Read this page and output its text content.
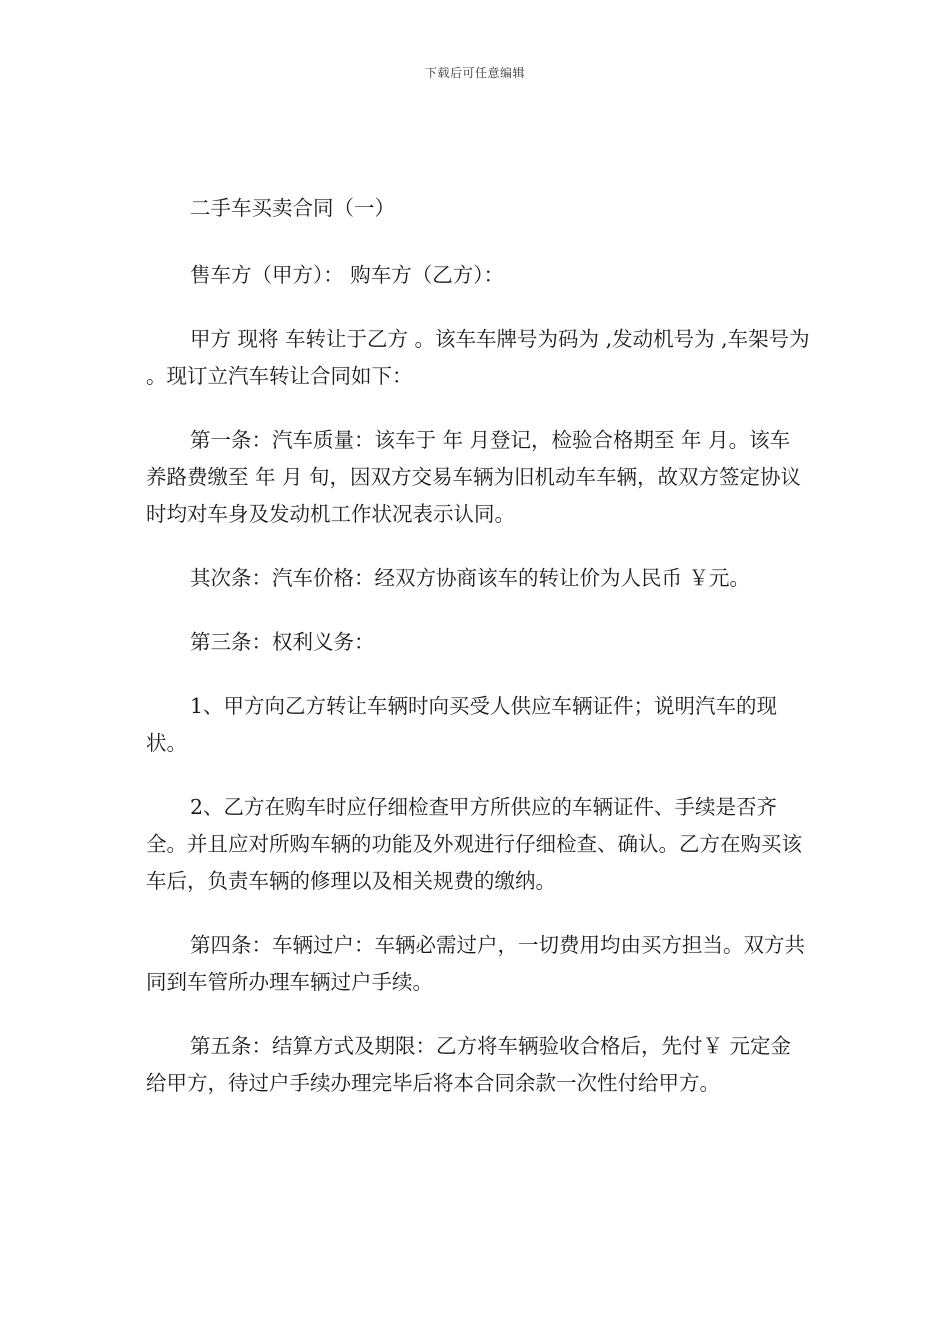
下载后可任意编辑

二手车买卖合同（一）

售车方（甲方）： 购车方（乙方）：

甲方 现将 车转让于乙方 。该车车牌号为码为 ,发动机号为 ,车架号为 。现订立汽车转让合同如下：

第一条：汽车质量：该车于 年 月登记，检验合格期至 年 月。该车养路费缴至 年 月 旬，因双方交易车辆为旧机动车车辆，故双方签定协议时均对车身及发动机工作状况表示认同。

其次条：汽车价格：经双方协商该车的转让价为人民币 ￥元。

第三条：权利义务：

1、甲方向乙方转让车辆时向买受人供应车辆证件；说明汽车的现状。

2、乙方在购车时应仔细检查甲方所供应的车辆证件、手续是否齐全。并且应对所购车辆的功能及外观进行仔细检查、确认。乙方在购买该车后，负责车辆的修理以及相关规费的缴纳。

第四条：车辆过户：车辆必需过户，一切费用均由买方担当。双方共同到车管所办理车辆过户手续。

第五条：结算方式及期限：乙方将车辆验收合格后，先付￥ 元定金给甲方，待过户手续办理完毕后将本合同余款一次性付给甲方。
